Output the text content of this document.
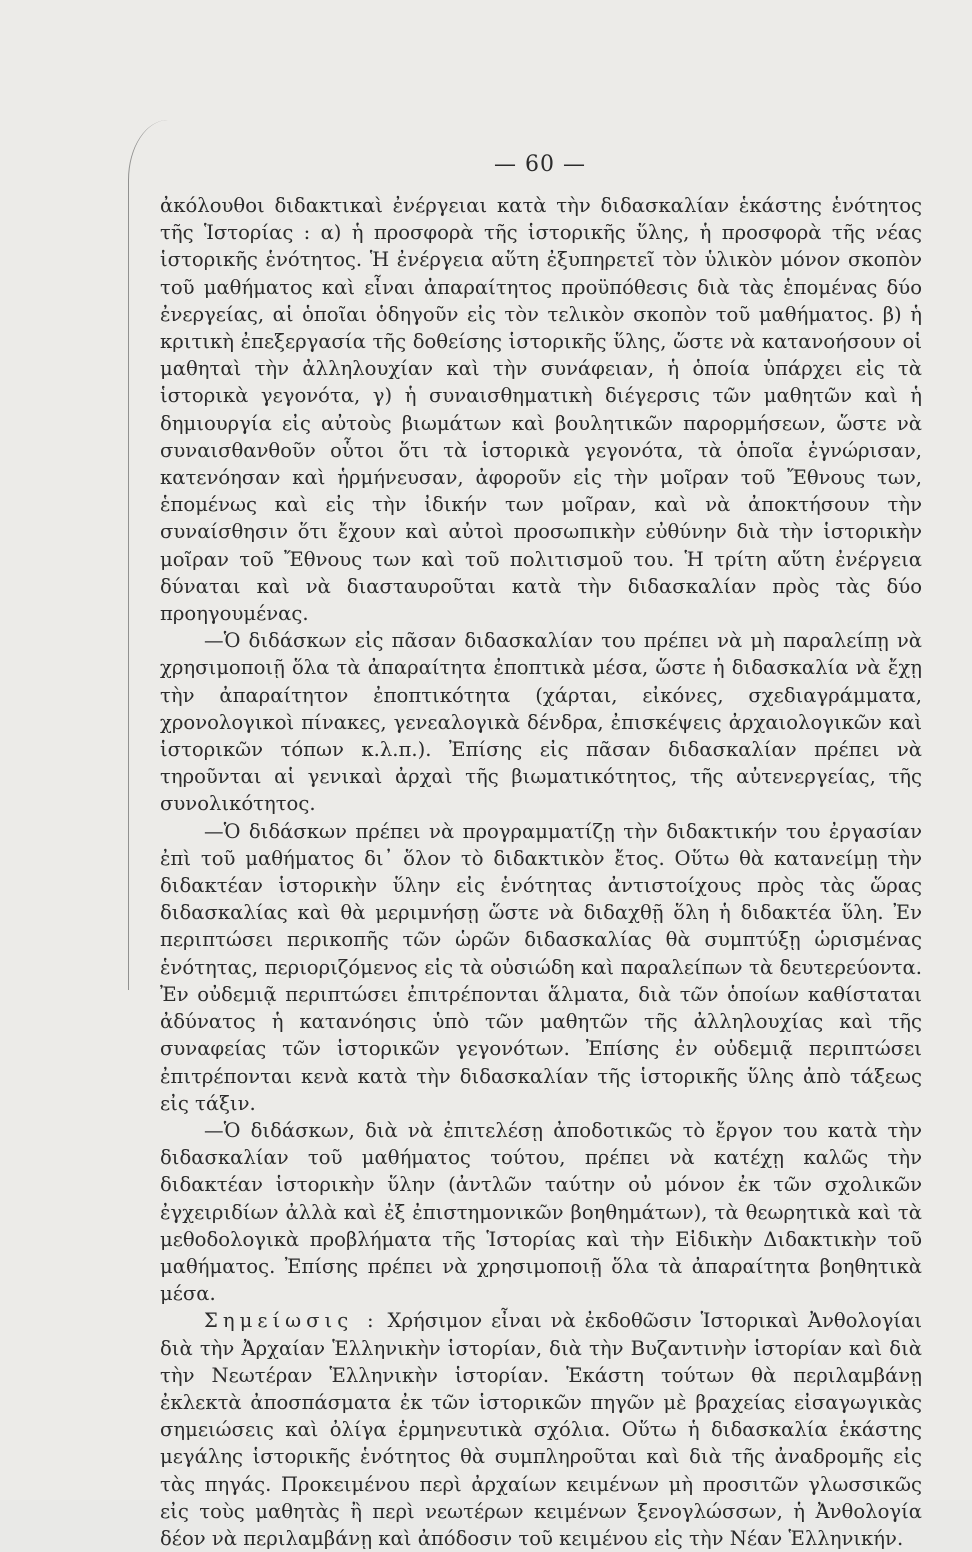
— 60 —

ἀκόλουθοι διδακτικαὶ ἐνέργειαι κατὰ τὴν διδασκαλίαν ἑκάστης ἑνότητος τῆς Ἱστορίας : α) ἡ προσφορὰ τῆς ἱστορικῆς ὕλης, ἡ προσφορὰ τῆς νέας ἱστορικῆς ἑνότητος. Ἡ ἐνέργεια αὕτη ἐξυπηρετεῖ τὸν ὑλικὸν μόνον σκοπὸν τοῦ μαθήματος καὶ εἶναι ἀπαραίτητος προϋπόθεσις διὰ τὰς ἑπομένας δύο ἐνεργείας, αἱ ὁποῖαι ὁδηγοῦν εἰς τὸν τελικὸν σκοπὸν τοῦ μαθήματος. β) ἡ κριτικὴ ἐπεξεργασία τῆς δοθείσης ἱστορικῆς ὕλης, ὥστε νὰ κατανοήσουν οἱ μαθηταὶ τὴν ἀλληλουχίαν καὶ τὴν συνάφειαν, ἡ ὁποία ὑπάρχει εἰς τὰ ἱστορικὰ γεγονότα, γ) ἡ συναισθηματικὴ διέγερσις τῶν μαθητῶν καὶ ἡ δημιουργία εἰς αὐτοὺς βιωμάτων καὶ βουλητικῶν παρορμήσεων, ὥστε νὰ συναισθανθοῦν οὗτοι ὅτι τὰ ἱστορικὰ γεγονότα, τὰ ὁποῖα ἐγνώρισαν, κατενόησαν καὶ ἡρμήνευσαν, ἀφοροῦν εἰς τὴν μοῖραν τοῦ Ἔθνους των, ἑπομένως καὶ εἰς τὴν ἰδικήν των μοῖραν, καὶ νὰ ἀποκτήσουν τὴν συναίσθησιν ὅτι ἔχουν καὶ αὐτοὶ προσωπικὴν εὐθύνην διὰ τὴν ἱστορικὴν μοῖραν τοῦ Ἔθνους των καὶ τοῦ πολιτισμοῦ του. Ἡ τρίτη αὕτη ἐνέργεια δύναται καὶ νὰ διασταυροῦται κατὰ τὴν διδασκαλίαν πρὸς τὰς δύο προηγουμένας.

—Ὁ διδάσκων εἰς πᾶσαν διδασκαλίαν του πρέπει νὰ μὴ παραλείπῃ νὰ χρησιμοποιῇ ὅλα τὰ ἀπαραίτητα ἐποπτικὰ μέσα, ὥστε ἡ διδασκαλία νὰ ἔχῃ τὴν ἀπαραίτητον ἐποπτικότητα (χάρται, εἰκόνες, σχεδιαγράμματα, χρονολογικοὶ πίνακες, γενεαλογικὰ δένδρα, ἐπισκέψεις ἀρχαιολογικῶν καὶ ἱστορικῶν τόπων κ.λ.π.). Ἐπίσης εἰς πᾶσαν διδασκαλίαν πρέπει νὰ τηροῦνται αἱ γενικαὶ ἀρχαὶ τῆς βιωματικότητος, τῆς αὐτενεργείας, τῆς συνολικότητος.

—Ὁ διδάσκων πρέπει νὰ προγραμματίζῃ τὴν διδακτικήν του ἐργασίαν ἐπὶ τοῦ μαθήματος δι᾿ ὅλον τὸ διδακτικὸν ἔτος. Οὕτω θὰ κατανείμῃ τὴν διδακτέαν ἱστορικὴν ὕλην εἰς ἑνότητας ἀντιστοίχους πρὸς τὰς ὥρας διδασκαλίας καὶ θὰ μεριμνήσῃ ὥστε νὰ διδαχθῇ ὅλη ἡ διδακτέα ὕλη. Ἐν περιπτώσει περικοπῆς τῶν ὡρῶν διδασκαλίας θὰ συμπτύξῃ ὡρισμένας ἑνότητας, περιοριζόμενος εἰς τὰ οὐσιώδη καὶ παραλείπων τὰ δευτερεύοντα. Ἐν οὐδεμιᾷ περιπτώσει ἐπιτρέπονται ἅλματα, διὰ τῶν ὁποίων καθίσταται ἀδύνατος ἡ κατανόησις ὑπὸ τῶν μαθητῶν τῆς ἀλληλουχίας καὶ τῆς συναφείας τῶν ἱστορικῶν γεγονότων. Ἐπίσης ἐν οὐδεμιᾷ περιπτώσει ἐπιτρέπονται κενὰ κατὰ τὴν διδασκαλίαν τῆς ἱστορικῆς ὕλης ἀπὸ τάξεως εἰς τάξιν.

—Ὁ διδάσκων, διὰ νὰ ἐπιτελέσῃ ἀποδοτικῶς τὸ ἔργον του κατὰ τὴν διδασκαλίαν τοῦ μαθήματος τούτου, πρέπει νὰ κατέχῃ καλῶς τὴν διδακτέαν ἱστορικὴν ὕλην (ἀντλῶν ταύτην οὐ μόνον ἐκ τῶν σχολικῶν ἐγχειριδίων ἀλλὰ καὶ ἐξ ἐπιστημονικῶν βοηθημάτων), τὰ θεωρητικὰ καὶ τὰ μεθοδολογικὰ προβλήματα τῆς Ἱστορίας καὶ τὴν Εἰδικὴν Διδακτικὴν τοῦ μαθήματος. Ἐπίσης πρέπει νὰ χρησιμοποιῇ ὅλα τὰ ἀπαραίτητα βοηθητικὰ μέσα.

Σημείωσις : Χρήσιμον εἶναι νὰ ἐκδοθῶσιν Ἱστορικαὶ Ἀνθολογίαι διὰ τὴν Ἀρχαίαν Ἑλληνικὴν ἱστορίαν, διὰ τὴν Βυζαντινὴν ἱστορίαν καὶ διὰ τὴν Νεωτέραν Ἑλληνικὴν ἱστορίαν. Ἑκάστη τούτων θὰ περιλαμβάνῃ ἐκλεκτὰ ἀποσπάσματα ἐκ τῶν ἱστορικῶν πηγῶν μὲ βραχείας εἰσαγωγικὰς σημειώσεις καὶ ὀλίγα ἑρμηνευτικὰ σχόλια. Οὕτω ἡ διδασκαλία ἑκάστης μεγάλης ἱστορικῆς ἑνότητος θὰ συμπληροῦται καὶ διὰ τῆς ἀναδρομῆς εἰς τὰς πηγάς. Προκειμένου περὶ ἀρχαίων κειμένων μὴ προσιτῶν γλωσσικῶς εἰς τοὺς μαθητὰς ἢ περὶ νεωτέρων κειμένων ξενογλώσσων, ἡ Ἀνθολογία δέον νὰ περιλαμβάνῃ καὶ ἀπόδοσιν τοῦ κειμένου εἰς τὴν Νέαν Ἑλληνικήν.
